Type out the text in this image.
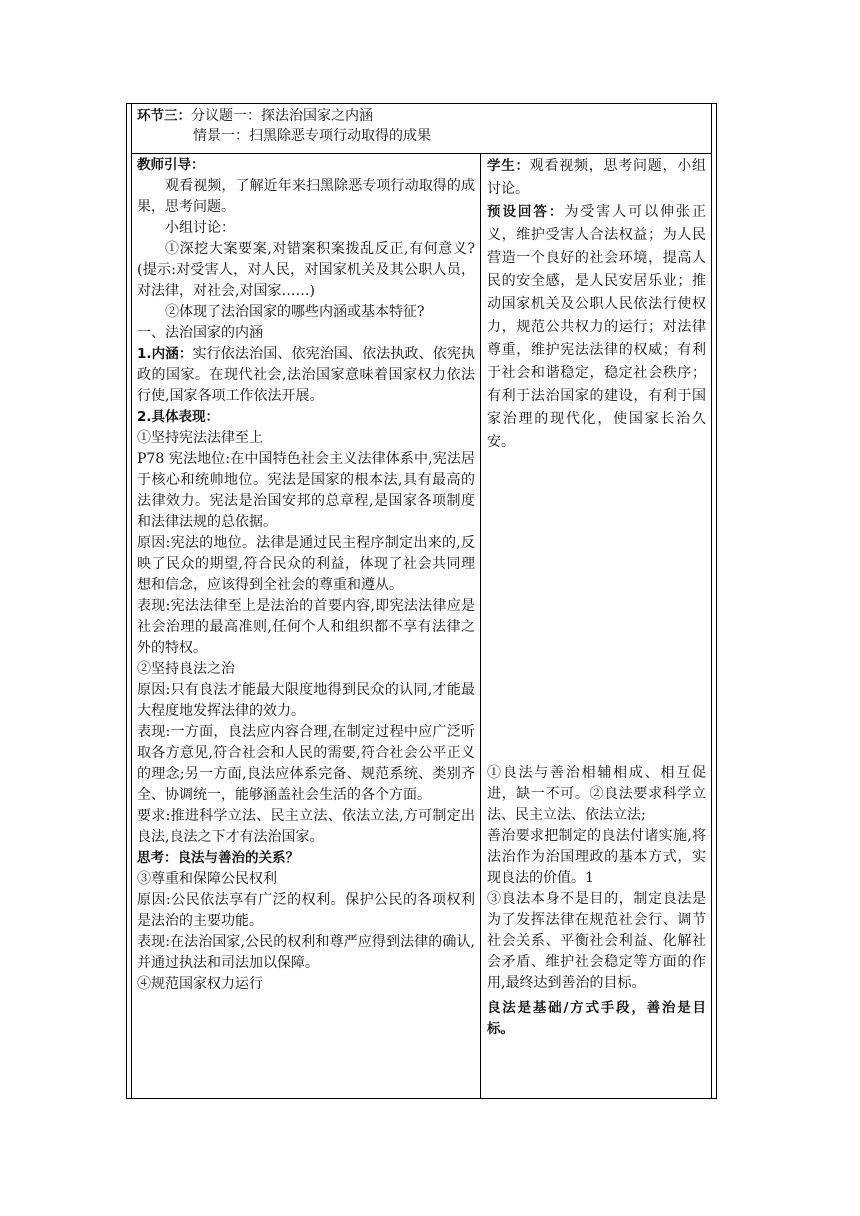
环节三：分议题一：探法治国家之内涵
情景一：扫黑除恶专项行动取得的成果

教师引导：

观看视频，了解近年来扫黑除恶专项行动取得的成果，思考问题。

小组讨论：

①深挖大案要案,对错案积案拨乱反正,有何意义?(提示:对受害人，对人民，对国家机关及其公职人员，对法律，对社会,对国家……)

②体现了法治国家的哪些内涵或基本特征?

一、法治国家的内涵

1.内涵：实行依法治国、依宪治国、依法执政、依宪执政的国家。在现代社会,法治国家意味着国家权力依法行使,国家各项工作依法开展。

2.具体表现：

①坚持宪法法律至上

P78 宪法地位:在中国特色社会主义法律体系中,宪法居于核心和统帅地位。宪法是国家的根本法,具有最高的法律效力。宪法是治国安邦的总章程,是国家各项制度和法律法规的总依据。

原因:宪法的地位。法律是通过民主程序制定出来的,反映了民众的期望,符合民众的利益，体现了社会共同理想和信念，应该得到全社会的尊重和遵从。

表现:宪法法律至上是法治的首要内容,即宪法法律应是社会治理的最高准则,任何个人和组织都不享有法律之外的特权。

②坚持良法之治

原因:只有良法才能最大限度地得到民众的认同,才能最大程度地发挥法律的效力。

表现:一方面，良法应内容合理,在制定过程中应广泛听取各方意见,符合社会和人民的需要,符合社会公平正义的理念;另一方面,良法应体系完备、规范系统、类别齐全、协调统一，能够涵盖社会生活的各个方面。

要求:推进科学立法、民主立法、依法立法,方可制定出良法,良法之下才有法治国家。

思考：良法与善治的关系？

③尊重和保障公民权利

原因:公民依法享有广泛的权利。保护公民的各项权利是法治的主要功能。

表现:在法治国家,公民的权利和尊严应得到法律的确认,并通过执法和司法加以保障。

④规范国家权力运行

学生：观看视频，思考问题，小组讨论。

预设回答：为受害人可以伸张正义，维护受害人合法权益；为人民营造一个良好的社会环境，提高人民的安全感，是人民安居乐业；推动国家机关及公职人民依法行使权力，规范公共权力的运行；对法律尊重，维护宪法法律的权威；有利于社会和谐稳定，稳定社会秩序；有利于法治国家的建设，有利于国家治理的现代化，使国家长治久安。

①良法与善治相辅相成、相互促进，缺一不可。②良法要求科学立法、民主立法、依法立法;

善治要求把制定的良法付诸实施,将法治作为治国理政的基本方式，实现良法的价值。1

③良法本身不是目的，制定良法是为了发挥法律在规范社会行、调节社会关系、平衡社会利益、化解社会矛盾、维护社会稳定等方面的作用,最终达到善治的目标。

良法是基础/方式手段，善治是目标。
